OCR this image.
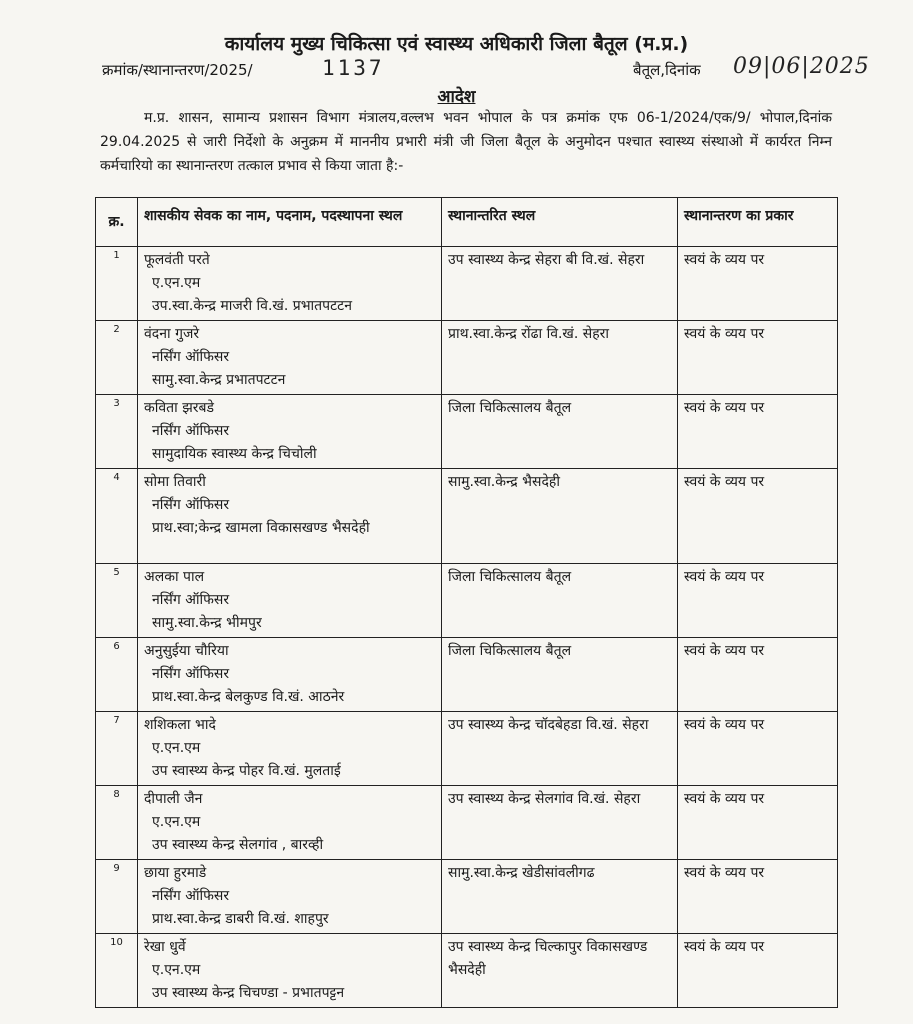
कार्यालय मुख्य चिकित्सा एवं स्वास्थ्य अधिकारी जिला बैतूल (म.प्र.)
क्रमांक/स्थानान्तरण/2025/	1137	बैतूल,दिनांक 09|06|2025
आदेश
म.प्र. शासन, सामान्य प्रशासन विभाग मंत्रालय,वल्लभ भवन भोपाल के पत्र क्रमांक एफ 06-1/2024/एक/9/ भोपाल,दिनांक 29.04.2025 से जारी निर्देशो के अनुक्रम में माननीय प्रभारी मंत्री जी जिला बैतूल के अनुमोदन पश्चात स्वास्थ्य संस्थाओ में कार्यरत निम्न कर्मचारियो का स्थानान्तरण तत्काल प्रभाव से किया जाता है:-
क्र.	शासकीय सेवक का नाम, पदनाम, पदस्थापना स्थल	स्थानान्तरित स्थल	स्थानान्तरण का प्रकार
1	फूलवंती परते
ए.एन.एम
उप.स्वा.केन्द्र माजरी वि.खं. प्रभातपटटन	उप स्वास्थ्य केन्द्र सेहरा बी वि.खं. सेहरा	स्वयं के व्यय पर
2	वंदना गुजरे
नर्सिंग ऑफिसर
सामु.स्वा.केन्द्र प्रभातपटटन	प्राथ.स्वा.केन्द्र रोंढा वि.खं. सेहरा	स्वयं के व्यय पर
3	कविता झरबडे
नर्सिंग ऑफिसर
सामुदायिक स्वास्थ्य केन्द्र चिचोली	जिला चिकित्सालय बैतूल	स्वयं के व्यय पर
4	सोमा तिवारी
नर्सिंग ऑफिसर
प्राथ.स्वा;केन्द्र खामला विकासखण्ड भैसदेही	सामु.स्वा.केन्द्र भैसदेही	स्वयं के व्यय पर
5	अलका पाल
नर्सिंग ऑफिसर
सामु.स्वा.केन्द्र भीमपुर	जिला चिकित्सालय बैतूल	स्वयं के व्यय पर
6	अनुसुईया चौरिया
नर्सिंग ऑफिसर
प्राथ.स्वा.केन्द्र बेलकुण्ड वि.खं. आठनेर	जिला चिकित्सालय बैतूल	स्वयं के व्यय पर
7	शशिकला भादे
ए.एन.एम
उप स्वास्थ्य केन्द्र पोहर वि.खं. मुलताई	उप स्वास्थ्य केन्द्र चॉदबेहडा वि.खं. सेहरा	स्वयं के व्यय पर
8	दीपाली जैन
ए.एन.एम
उप स्वास्थ्य केन्द्र सेलगांव , बारव्ही	उप स्वास्थ्य केन्द्र सेलगांव वि.खं. सेहरा	स्वयं के व्यय पर
9	छाया हुरमाडे
नर्सिंग ऑफिसर
प्राथ.स्वा.केन्द्र डाबरी वि.खं. शाहपुर	सामु.स्वा.केन्द्र खेडीसांवलीगढ	स्वयं के व्यय पर
10	रेखा धुर्वे
ए.एन.एम
उप स्वास्थ्य केन्द्र चिचण्डा - प्रभातपट्टन	उप स्वास्थ्य केन्द्र चिल्कापुर विकासखण्ड भैसदेही	स्वयं के व्यय पर
